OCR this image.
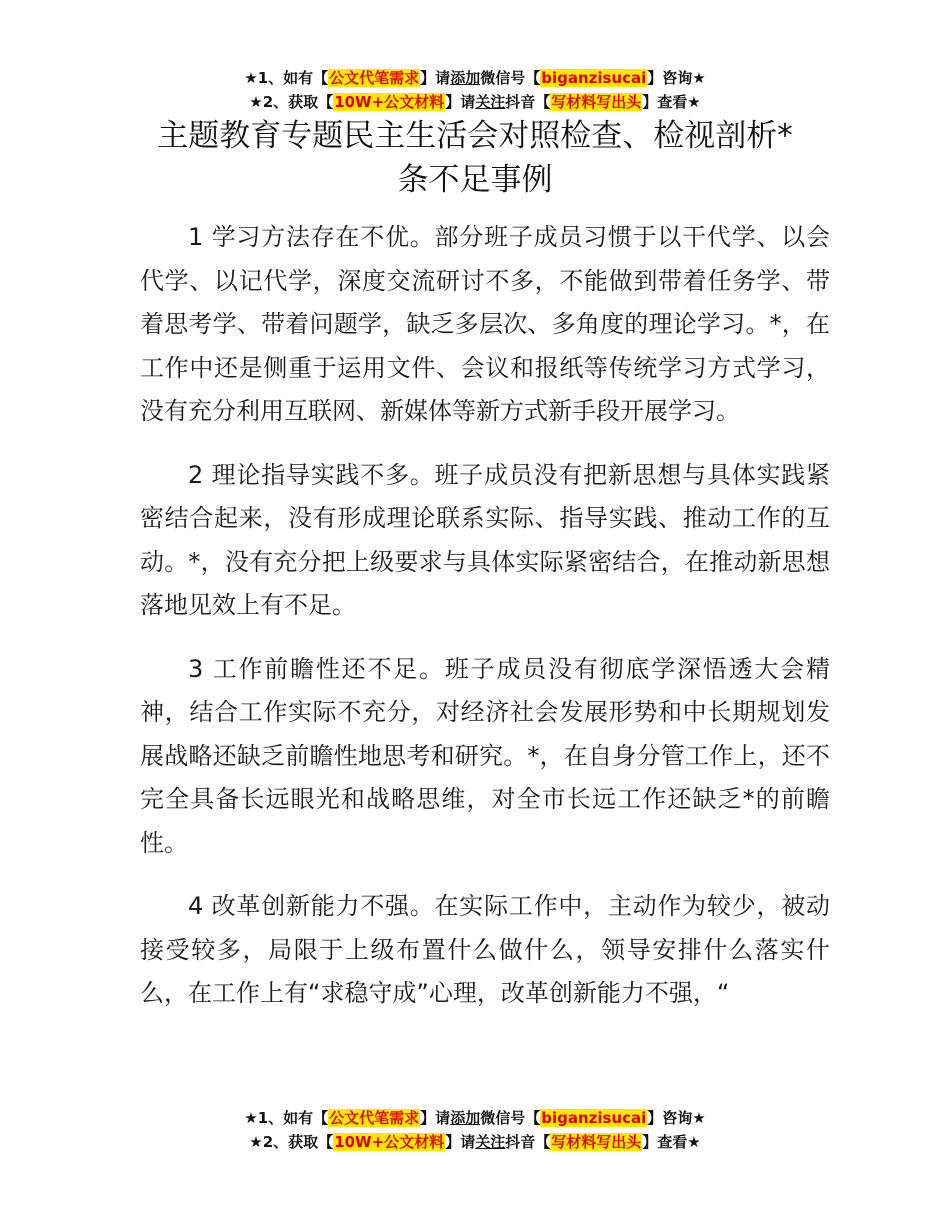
★1、如有【公文代笔需求】请添加微信号【biganzisucai】咨询★
★2、获取【10W+公文材料】请关注抖音【写材料写出头】查看★
主题教育专题民主生活会对照检查、检视剖析*
条不足事例

1 学习方法存在不优。部分班子成员习惯于以干代学、以会代学、以记代学，深度交流研讨不多，不能做到带着任务学、带着思考学、带着问题学，缺乏多层次、多角度的理论学习。*，在工作中还是侧重于运用文件、会议和报纸等传统学习方式学习，没有充分利用互联网、新媒体等新方式新手段开展学习。

2 理论指导实践不多。班子成员没有把新思想与具体实践紧密结合起来，没有形成理论联系实际、指导实践、推动工作的互动。*，没有充分把上级要求与具体实际紧密结合，在推动新思想落地见效上有不足。

3 工作前瞻性还不足。班子成员没有彻底学深悟透大会精神，结合工作实际不充分，对经济社会发展形势和中长期规划发展战略还缺乏前瞻性地思考和研究。*，在自身分管工作上，还不完全具备长远眼光和战略思维，对全市长远工作还缺乏*的前瞻性。

4 改革创新能力不强。在实际工作中，主动作为较少，被动接受较多，局限于上级布置什么做什么，领导安排什么落实什么，在工作上有“求稳守成”心理，改革创新能力不强，“

★1、如有【公文代笔需求】请添加微信号【biganzisucai】咨询★
★2、获取【10W+公文材料】请关注抖音【写材料写出头】查看★
